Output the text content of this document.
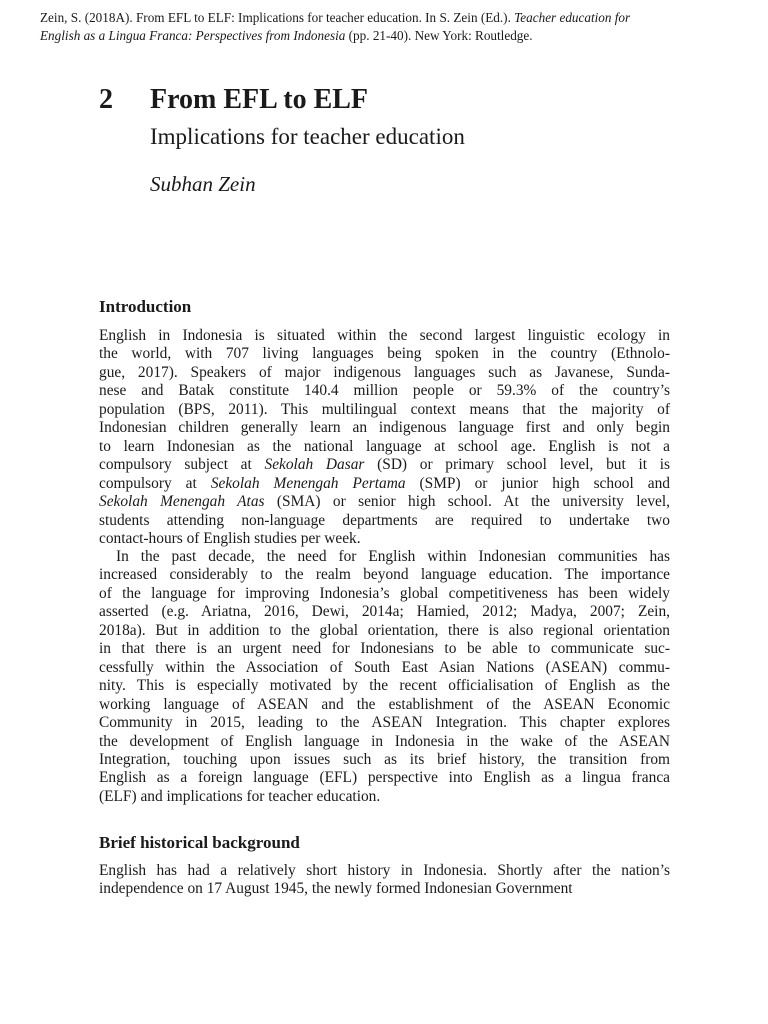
Zein, S. (2018A). From EFL to ELF: Implications for teacher education. In S. Zein (Ed.). Teacher education for English as a Lingua Franca: Perspectives from Indonesia (pp. 21-40). New York: Routledge.
2 From EFL to ELF
Implications for teacher education
Subhan Zein
Introduction

English in Indonesia is situated within the second largest linguistic ecology in
the world, with 707 living languages being spoken in the country (Ethnolo-
gue, 2017). Speakers of major indigenous languages such as Javanese, Sunda-
nese and Batak constitute 140.4 million people or 59.3% of the country’s
population (BPS, 2011). This multilingual context means that the majority of
Indonesian children generally learn an indigenous language first and only begin
to learn Indonesian as the national language at school age. English is not a
compulsory subject at Sekolah Dasar (SD) or primary school level, but it is
compulsory at Sekolah Menengah Pertama (SMP) or junior high school and
Sekolah Menengah Atas (SMA) or senior high school. At the university level,
students attending non-language departments are required to undertake two
contact-hours of English studies per week.

In the past decade, the need for English within Indonesian communities has
increased considerably to the realm beyond language education. The importance
of the language for improving Indonesia’s global competitiveness has been widely
asserted (e.g. Ariatna, 2016, Dewi, 2014a; Hamied, 2012; Madya, 2007; Zein,
2018a). But in addition to the global orientation, there is also regional orientation
in that there is an urgent need for Indonesians to be able to communicate suc-
cessfully within the Association of South East Asian Nations (ASEAN) commu-
nity. This is especially motivated by the recent officialisation of English as the
working language of ASEAN and the establishment of the ASEAN Economic
Community in 2015, leading to the ASEAN Integration. This chapter explores
the development of English language in Indonesia in the wake of the ASEAN
Integration, touching upon issues such as its brief history, the transition from
English as a foreign language (EFL) perspective into English as a lingua franca
(ELF) and implications for teacher education.

Brief historical background

English has had a relatively short history in Indonesia. Shortly after the nation’s
independence on 17 August 1945, the newly formed Indonesian Government
